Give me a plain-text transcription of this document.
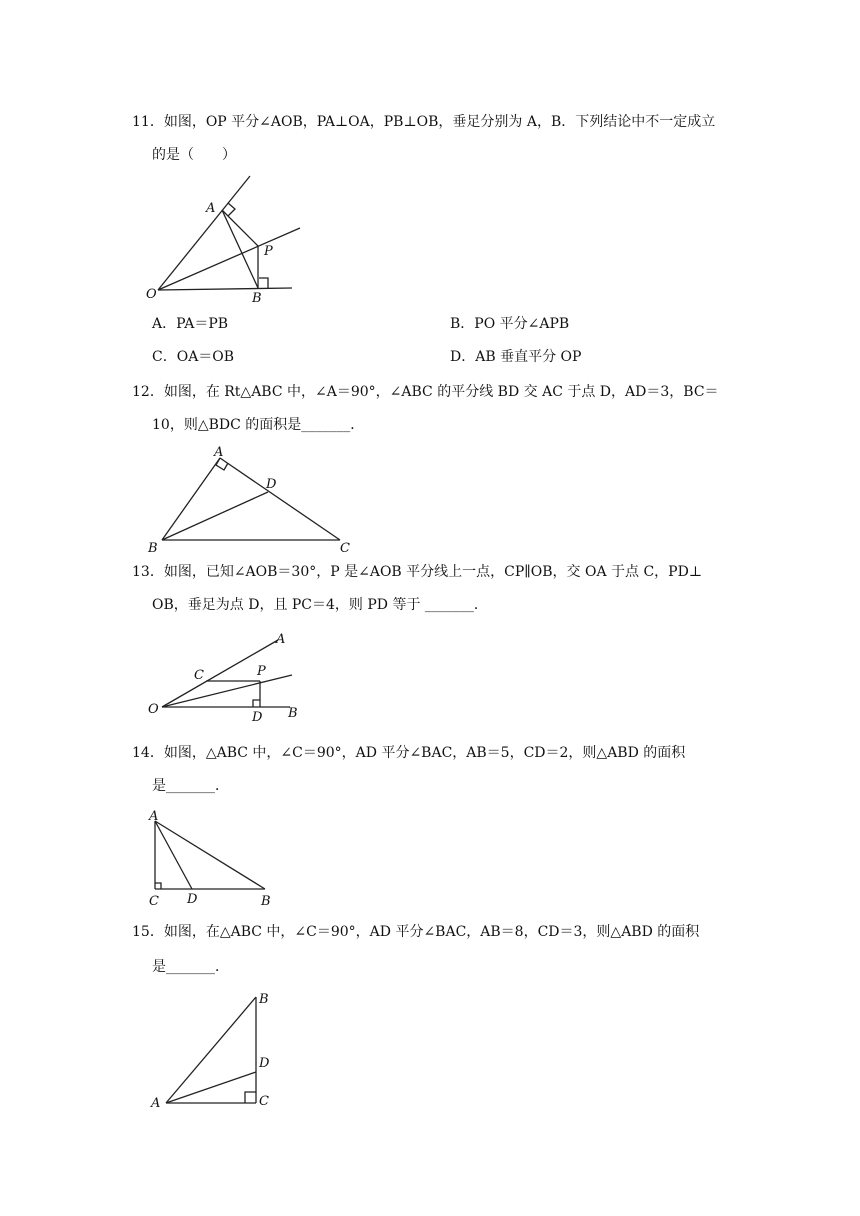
11．如图，OP 平分∠AOB，PA⊥OA，PB⊥OB，垂足分别为 A，B．下列结论中不一定成立
的是（　　）
A
P
O	B
A．PA＝PB	B．PO 平分∠APB
C．OA＝OB	D．AB 垂直平分 OP
12．如图，在 Rt△ABC 中，∠A＝90°，∠ABC 的平分线 BD 交 AC 于点 D，AD＝3，BC＝
10，则△BDC 的面积是_______．
A
D
B	C
13．如图，已知∠AOB＝30°，P 是∠AOB 平分线上一点，CP∥OB，交 OA 于点 C，PD⊥
OB，垂足为点 D，且 PC＝4，则 PD 等于 _______．
A
C	P
O
D B
14．如图，△ABC 中，∠C＝90°，AD 平分∠BAC，AB＝5，CD＝2，则△ABD 的面积
是_______．
A
C D	B
15．如图，在△ABC 中，∠C＝90°，AD 平分∠BAC，AB＝8，CD＝3，则△ABD 的面积
是_______．
B
D
A	C
